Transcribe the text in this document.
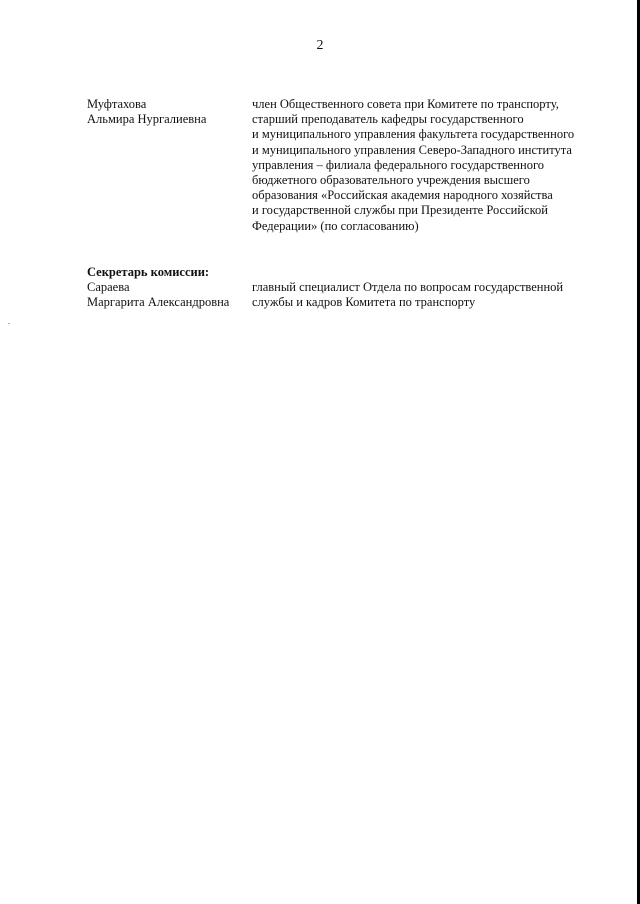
2
Муфтахова
Альмира Нургалиевна
член Общественного совета при Комитете по транспорту,
старший преподаватель кафедры государственного
и муниципального управления факультета государственного
и муниципального управления Северо-Западного института
управления – филиала федерального государственного
бюджетного образовательного учреждения высшего
образования «Российская академия народного хозяйства
и государственной службы при Президенте Российской
Федерации» (по согласованию)
Секретарь комиссии:
Сараева
Маргарита Александровна
главный специалист Отдела по вопросам государственной
службы и кадров Комитета по транспорту
